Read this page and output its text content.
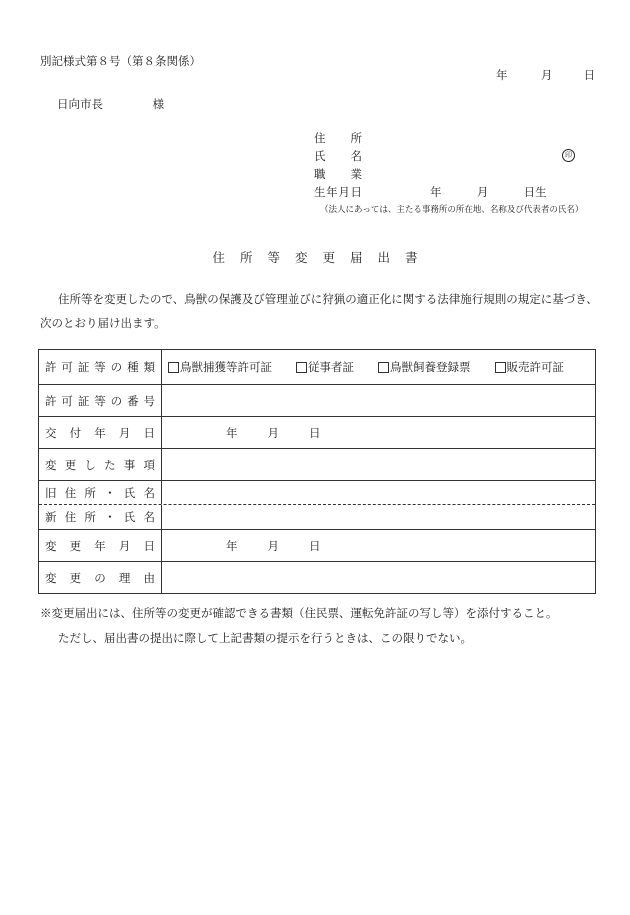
別記様式第８号（第８条関係）
年	月	日
日向市長	様
住所
氏名	印
職業
生年月日	年	月	日生
（法人にあっては、主たる事務所の所在地、名称及び代表者の氏名）
住所等変更届出書
住所等を変更したので、鳥獣の保護及び管理並びに狩猟の適正化に関する法律施行規則の規定に基づき、
次のとおり届け出ます。
許可証等の種類 鳥獣捕獲等許可証	従事者証	鳥獣飼養登録票	販売許可証
許可証等の番号
交付年月日	年	月	日
変更した事項
旧住所・氏名
新住所・氏名
変更年月日	年	月	日
変更の理由
※変更届出には、住所等の変更が確認できる書類（住民票、運転免許証の写し等）を添付すること。
ただし、届出書の提出に際して上記書類の提示を行うときは、この限りでない。
